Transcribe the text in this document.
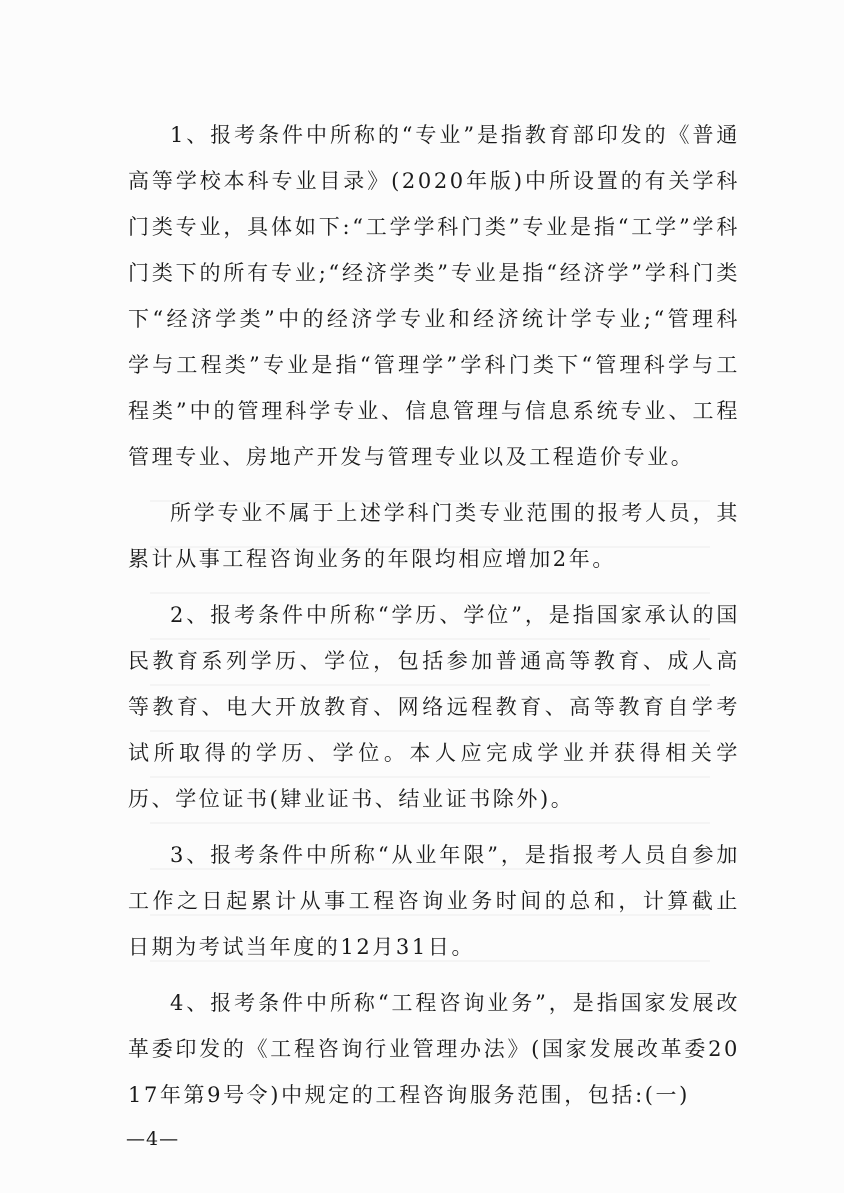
1、报考条件中所称的“专业”是指教育部印发的《普通高等学校本科专业目录》(2020年版)中所设置的有关学科门类专业，具体如下:“工学学科门类”专业是指“工学”学科门类下的所有专业;“经济学类”专业是指“经济学”学科门类下“经济学类”中的经济学专业和经济统计学专业;“管理科学与工程类”专业是指“管理学”学科门类下“管理科学与工程类”中的管理科学专业、信息管理与信息系统专业、工程管理专业、房地产开发与管理专业以及工程造价专业。

所学专业不属于上述学科门类专业范围的报考人员，其累计从事工程咨询业务的年限均相应增加2年。

2、报考条件中所称“学历、学位”，是指国家承认的国民教育系列学历、学位，包括参加普通高等教育、成人高等教育、电大开放教育、网络远程教育、高等教育自学考试所取得的学历、学位。本人应完成学业并获得相关学历、学位证书(肄业证书、结业证书除外)。

3、报考条件中所称“从业年限”，是指报考人员自参加工作之日起累计从事工程咨询业务时间的总和，计算截止日期为考试当年度的12月31日。

4、报考条件中所称“工程咨询业务”，是指国家发展改革委印发的《工程咨询行业管理办法》(国家发展改革委2017年第9号令)中规定的工程咨询服务范围，包括:(一)

—4—
